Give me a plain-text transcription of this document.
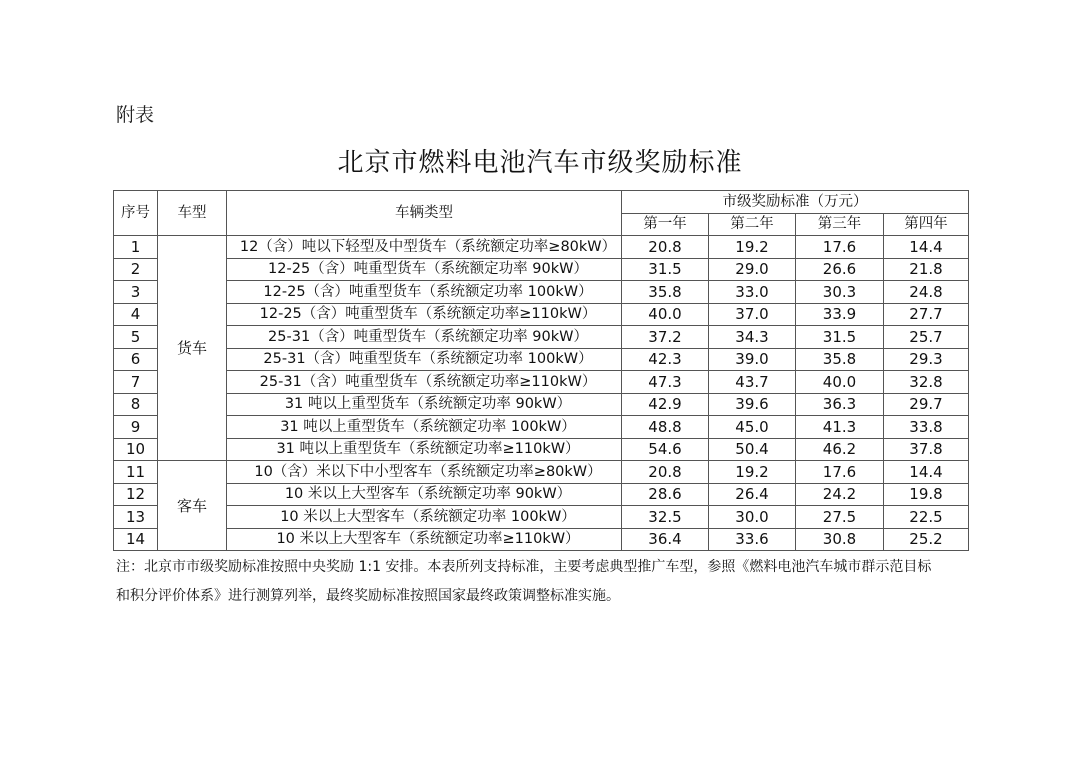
附表
北京市燃料电池汽车市级奖励标准
序号	车型	车辆类型	市级奖励标准（万元）			
			第一年	第二年	第三年	第四年
1	货车	12（含）吨以下轻型及中型货车（系统额定功率≥80kW）	20.8	19.2	17.6	14.4
2		12-25（含）吨重型货车（系统额定功率 90kW）	31.5	29.0	26.6	21.8
3		12-25（含）吨重型货车（系统额定功率 100kW）	35.8	33.0	30.3	24.8
4		12-25（含）吨重型货车（系统额定功率≥110kW）	40.0	37.0	33.9	27.7
5		25-31（含）吨重型货车（系统额定功率 90kW）	37.2	34.3	31.5	25.7
6		25-31（含）吨重型货车（系统额定功率 100kW）	42.3	39.0	35.8	29.3
7		25-31（含）吨重型货车（系统额定功率≥110kW）	47.3	43.7	40.0	32.8
8		31 吨以上重型货车（系统额定功率 90kW）	42.9	39.6	36.3	29.7
9		31 吨以上重型货车（系统额定功率 100kW）	48.8	45.0	41.3	33.8
10		31 吨以上重型货车（系统额定功率≥110kW）	54.6	50.4	46.2	37.8
11	客车	10（含）米以下中小型客车（系统额定功率≥80kW）	20.8	19.2	17.6	14.4
12		10 米以上大型客车（系统额定功率 90kW）	28.6	26.4	24.2	19.8
13		10 米以上大型客车（系统额定功率 100kW）	32.5	30.0	27.5	22.5
14		10 米以上大型客车（系统额定功率≥110kW）	36.4	33.6	30.8	25.2
注：北京市市级奖励标准按照中央奖励 1:1 安排。本表所列支持标准，主要考虑典型推广车型，参照《燃料电池汽车城市群示范目标
和积分评价体系》进行测算列举，最终奖励标准按照国家最终政策调整标准实施。
